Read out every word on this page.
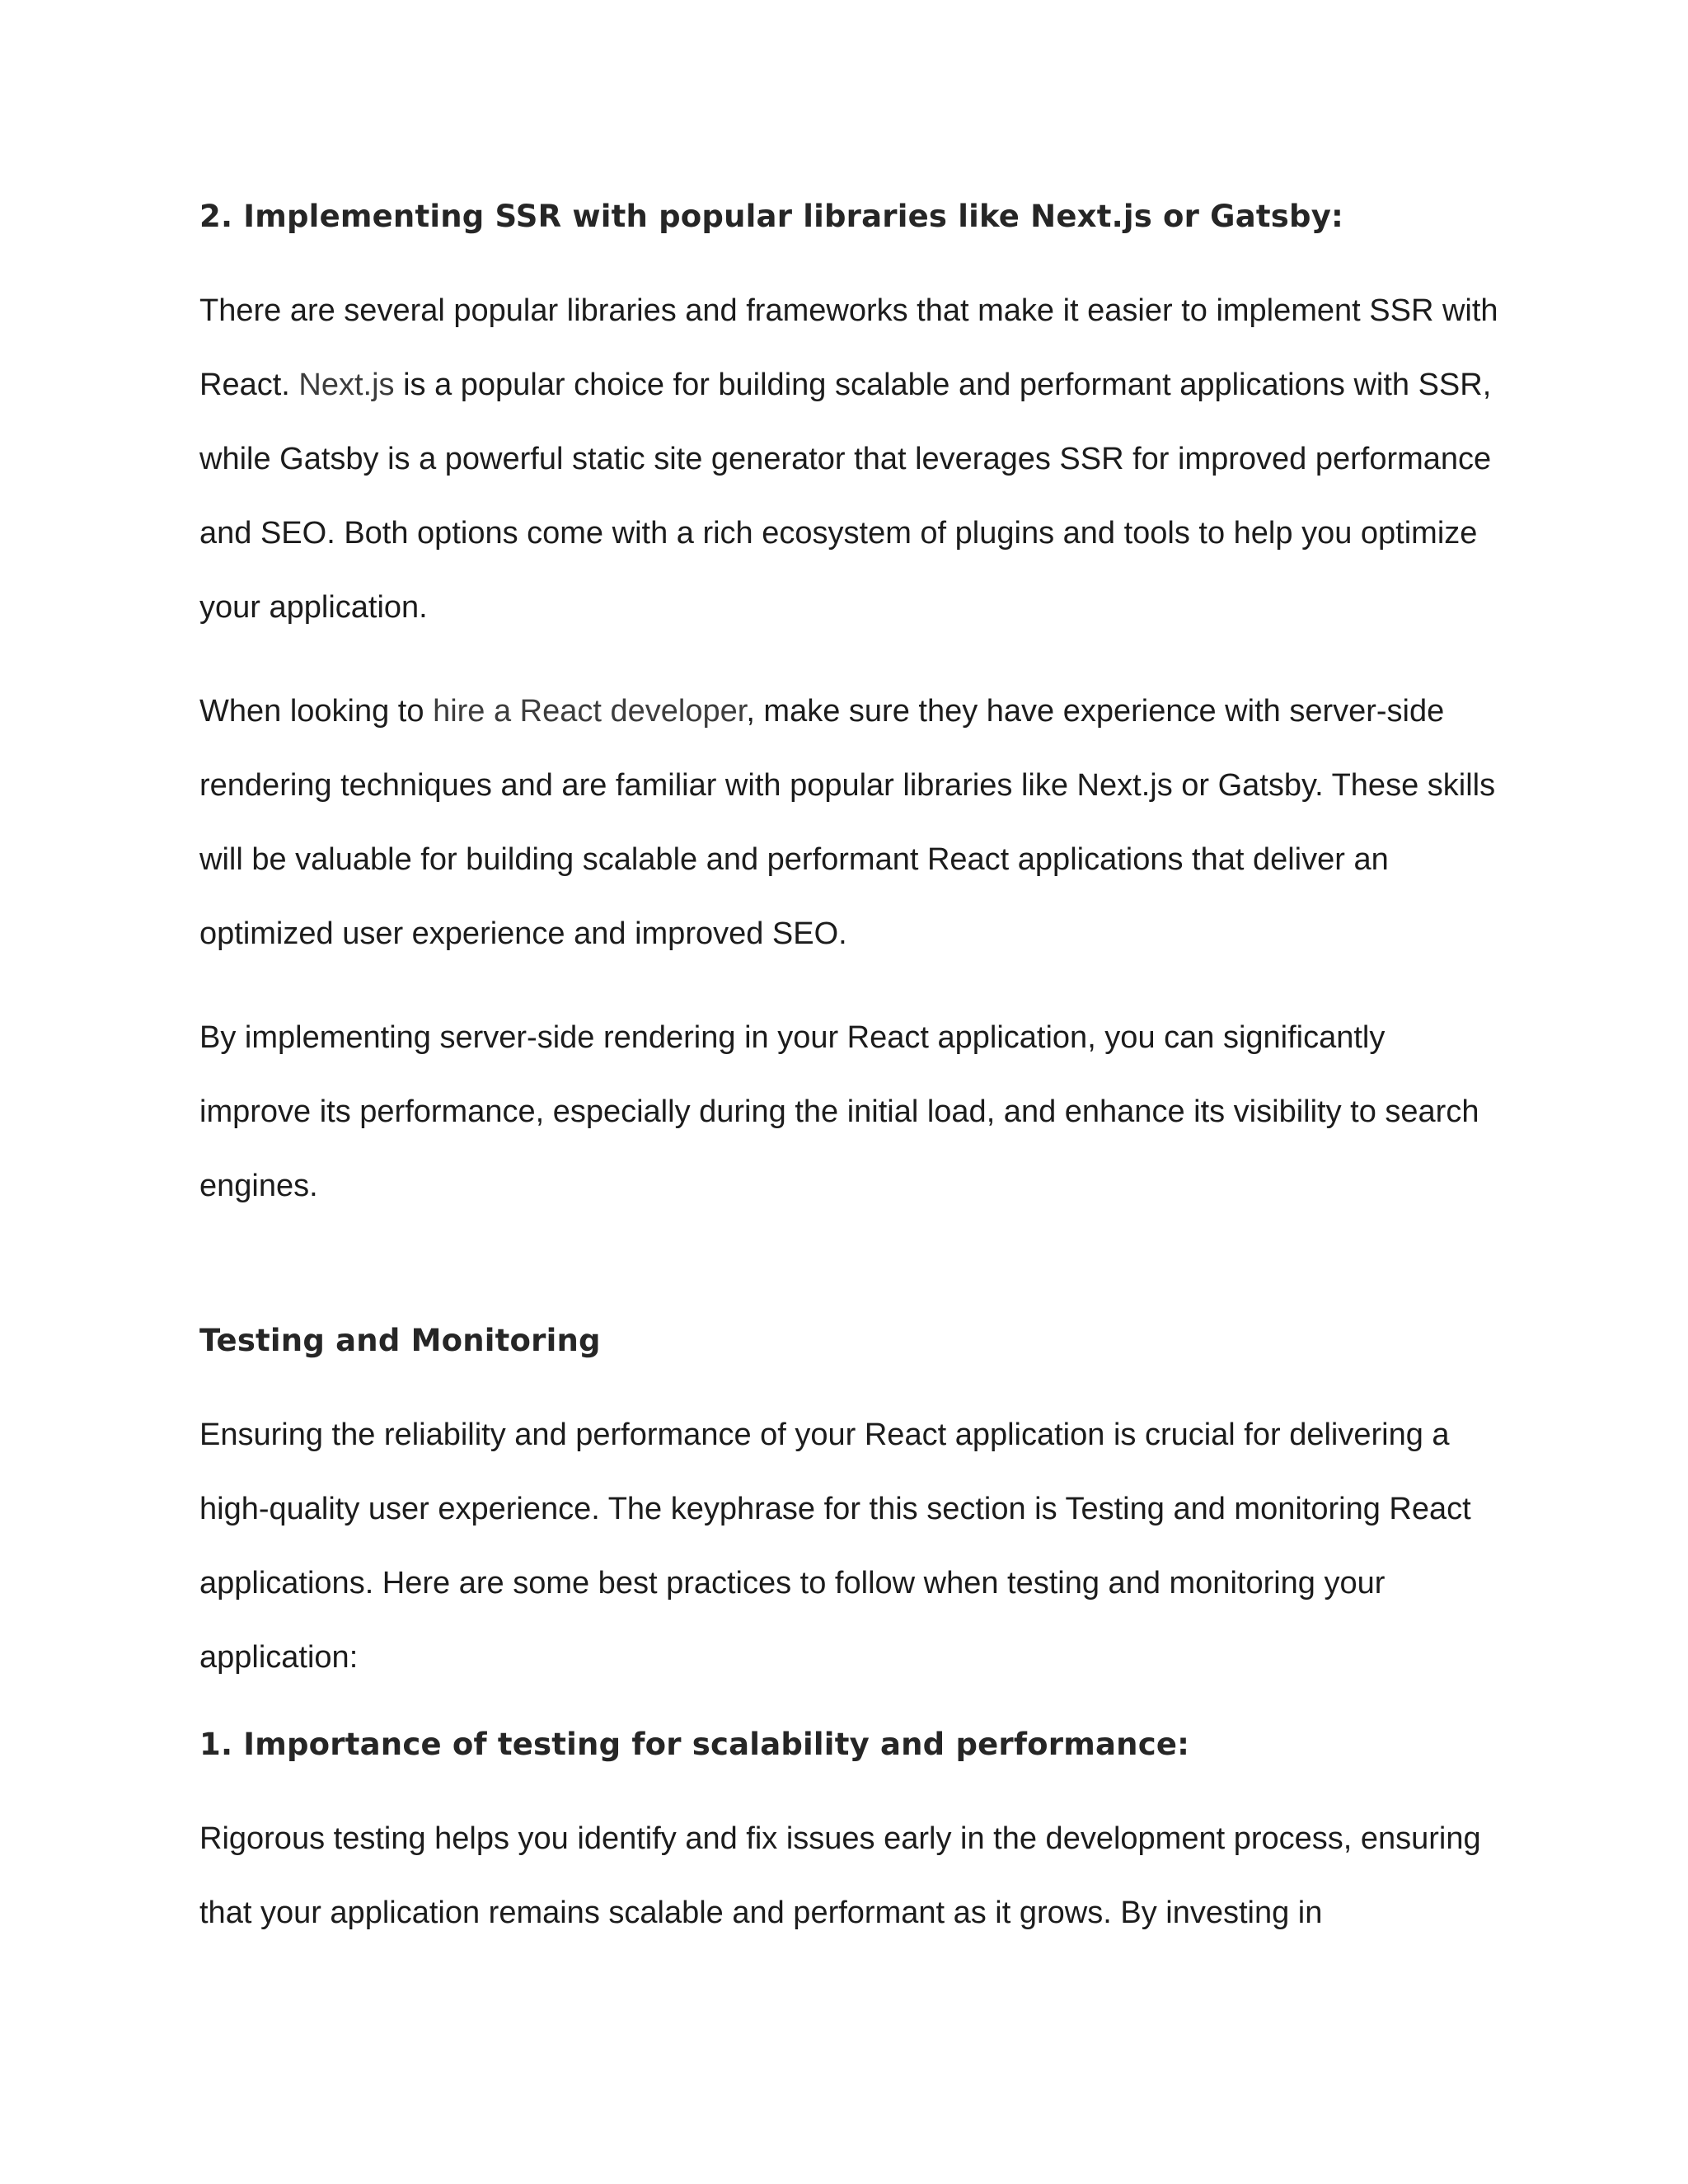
2. Implementing SSR with popular libraries like Next.js or Gatsby:

There are several popular libraries and frameworks that make it easier to implement SSR with React. Next.js is a popular choice for building scalable and performant applications with SSR, while Gatsby is a powerful static site generator that leverages SSR for improved performance and SEO. Both options come with a rich ecosystem of plugins and tools to help you optimize your application.

When looking to hire a React developer, make sure they have experience with server-side rendering techniques and are familiar with popular libraries like Next.js or Gatsby. These skills will be valuable for building scalable and performant React applications that deliver an optimized user experience and improved SEO.

By implementing server-side rendering in your React application, you can significantly improve its performance, especially during the initial load, and enhance its visibility to search engines.

Testing and Monitoring

Ensuring the reliability and performance of your React application is crucial for delivering a high-quality user experience. The keyphrase for this section is Testing and monitoring React applications. Here are some best practices to follow when testing and monitoring your application:

1. Importance of testing for scalability and performance:

Rigorous testing helps you identify and fix issues early in the development process, ensuring that your application remains scalable and performant as it grows. By investing in
